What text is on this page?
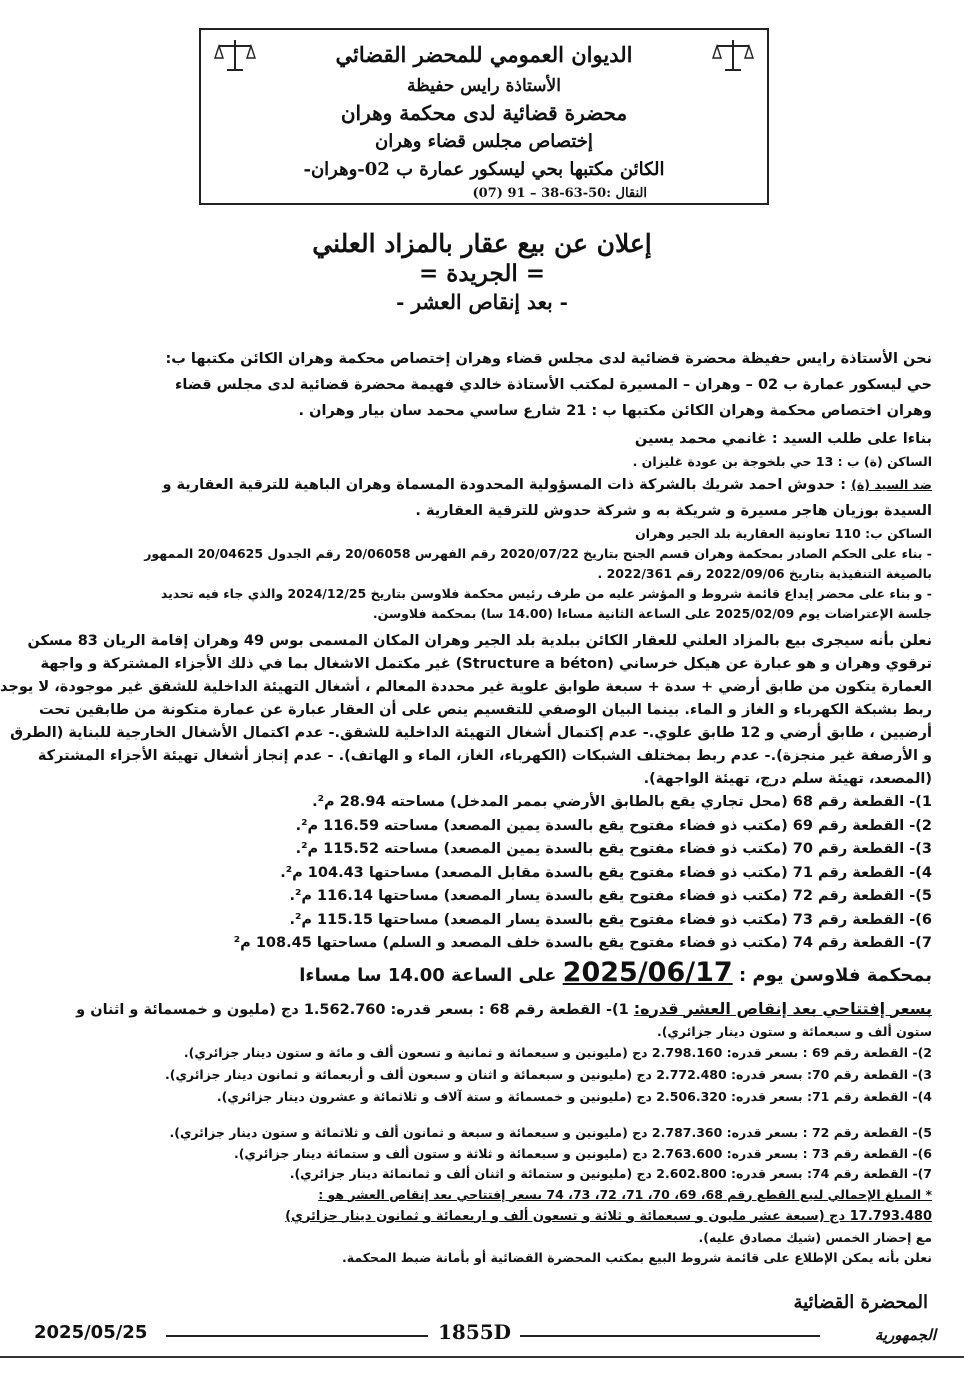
الديوان العمومي للمحضر القضائي
الأستاذة رايس حفيظة
محضرة قضائية لدى محكمة وهران
إختصاص مجلس قضاء وهران
الكائن مكتبها بحي ليسكور عمارة ب 02-وهران-
النقال :50-63-38 – 91 (07)
إعلان عن بيع عقار بالمزاد العلني
= الجريدة =
- بعد إنقاص العشر -
نحن الأستاذة رايس حفيظة محضرة قضائية لدى مجلس قضاء وهران إختصاص محكمة وهران الكائن مكتبها ب:
حي ليسكور عمارة ب 02 – وهران – المسيرة لمكتب الأستاذة خالدي فهيمة محضرة قضائية لدى مجلس قضاء
وهران اختصاص محكمة وهران الكائن مكتبها ب : 21 شارع ساسي محمد سان بيار وهران .
بناءا على طلب السيد : غانمي محمد يسين
الساكن (ة) ب : 13 حي بلخوجة بن عودة غليزان .
ضد السيد (ة) : حدوش احمد شريك بالشركة ذات المسؤولية المحدودة المسماة وهران الباهية للترقية العقارية و
السيدة بوزيان هاجر مسيرة و شريكة به و شركة حدوش للترقية العقارية .
الساكن ب: 110 تعاونية العقارية بلد الجير وهران
- بناء على الحكم الصادر بمحكمة وهران قسم الجنح بتاريخ 2020/07/22 رقم الفهرس 20/06058 رقم الجدول 20/04625 الممهور
بالصيغة التنفيذية بتاريخ 2022/09/06 رقم 2022/361 .
- و بناء على محضر إيداع قائمة شروط و المؤشر عليه من طرف رئيس محكمة فلاوسن بتاريخ 2024/12/25 والذي جاء فيه تحديد
جلسة الإعتراضات يوم 2025/02/09 على الساعة الثانية مساءا (14.00 سا) بمحكمة فلاوسن.
نعلن بأنه سيجرى بيع بالمزاد العلني للعقار الكائن ببلدية بلد الجير وهران المكان المسمى بوس 49 وهران إقامة الريان 83 مسكن
ترقوي وهران و هو عبارة عن هيكل خرساني (Structure a béton) غير مكتمل الاشغال بما في ذلك الأجزاء المشتركة و واجهة
العمارة يتكون من طابق أرضي + سدة + سبعة طوابق علوية غير محددة المعالم ، أشغال التهيئة الداخلية للشقق غير موجودة، لا يوجد
ربط بشبكة الكهرباء و الغاز و الماء. بينما البيان الوصفي للتقسيم ينص على أن العقار عبارة عن عمارة متكونة من طابقين تحت
أرضيين ، طابق أرضي و 12 طابق علوي.- عدم إكتمال أشغال التهيئة الداخلية للشقق.- عدم اكتمال الأشغال الخارجية للبناية (الطرق
و الأرصفة غير منجزة).- عدم ربط بمختلف الشبكات (الكهرباء، الغاز، الماء و الهاتف). - عدم إنجاز أشغال تهيئة الأجزاء المشتركة
(المصعد، تهيئة سلم درج، تهيئة الواجهة).
1)- القطعة رقم 68 (محل تجاري يقع بالطابق الأرضي بممر المدخل) مساحته 28.94 م².
2)- القطعة رقم 69 (مكتب ذو فضاء مفتوح يقع بالسدة يمين المصعد) مساحته 116.59 م².
3)- القطعة رقم 70 (مكتب ذو فضاء مفتوح يقع بالسدة يمين المصعد) مساحته 115.52 م².
4)- القطعة رقم 71 (مكتب ذو فضاء مفتوح يقع بالسدة مقابل المصعد) مساحتها 104.43 م².
5)- القطعة رقم 72 (مكتب ذو فضاء مفتوح يقع بالسدة يسار المصعد) مساحتها 116.14 م².
6)- القطعة رقم 73 (مكتب ذو فضاء مفتوح يقع بالسدة يسار المصعد) مساحتها 115.15 م².
7)- القطعة رقم 74 (مكتب ذو فضاء مفتوح يقع بالسدة خلف المصعد و السلم) مساحتها 108.45 م²
بمحكمة فلاوسن يوم : 2025/06/17 على الساعة 14.00 سا مساءا
بسعر إفتتاحي بعد إنقاص العشر قدره: 1)- القطعة رقم 68 : بسعر قدره: 1.562.760 دج (مليون و خمسمائة و اثنان و
ستون ألف و سبعمائة و ستون دينار جزائري).
2)- القطعة رقم 69 : بسعر قدره: 2.798.160 دج (مليونين و سبعمائة و ثمانية و تسعون ألف و مائة و ستون دينار جزائري).
3)- القطعة رقم 70: بسعر قدره: 2.772.480 دج (مليونين و سبعمائة و اثنان و سبعون ألف و أربعمائة و ثمانون دينار جزائري).
4)- القطعة رقم 71: بسعر قدره: 2.506.320 دج (مليونين و خمسمائة و ستة آلاف و ثلاثمائة و عشرون دينار جزائري).
5)- القطعة رقم 72 : بسعر قدره: 2.787.360 دج (مليونين و سبعمائة و سبعة و ثمانون ألف و ثلاثمائة و ستون دينار جزائري).
6)- القطعة رقم 73 : بسعر قدره: 2.763.600 دج (مليونين و سبعمائة و ثلاثة و ستون ألف و ستمائة دينار جزائري).
7)- القطعة رقم 74: بسعر قدره: 2.602.800 دج (مليونين و ستمائة و اثنان ألف و ثمانمائة دينار جزائري).
* المبلغ الإجمالي لبيع القطع رقم 68، 69، 70، 71، 72، 73، 74 بسعر إفتتاحي بعد إنقاص العشر هو :
17.793.480 دج (سبعة عشر مليون و سبعمائة و ثلاثة و تسعون ألف و اربعمائة و ثمانون دينار جزائري)
مع إحضار الخمس (شيك مصادق عليه).
نعلن بأنه يمكن الإطلاع على قائمة شروط البيع بمكتب المحضرة القضائية أو بأمانة ضبط المحكمة.
المحضرة القضائية
2025/05/25	1855D	الجمهورية
